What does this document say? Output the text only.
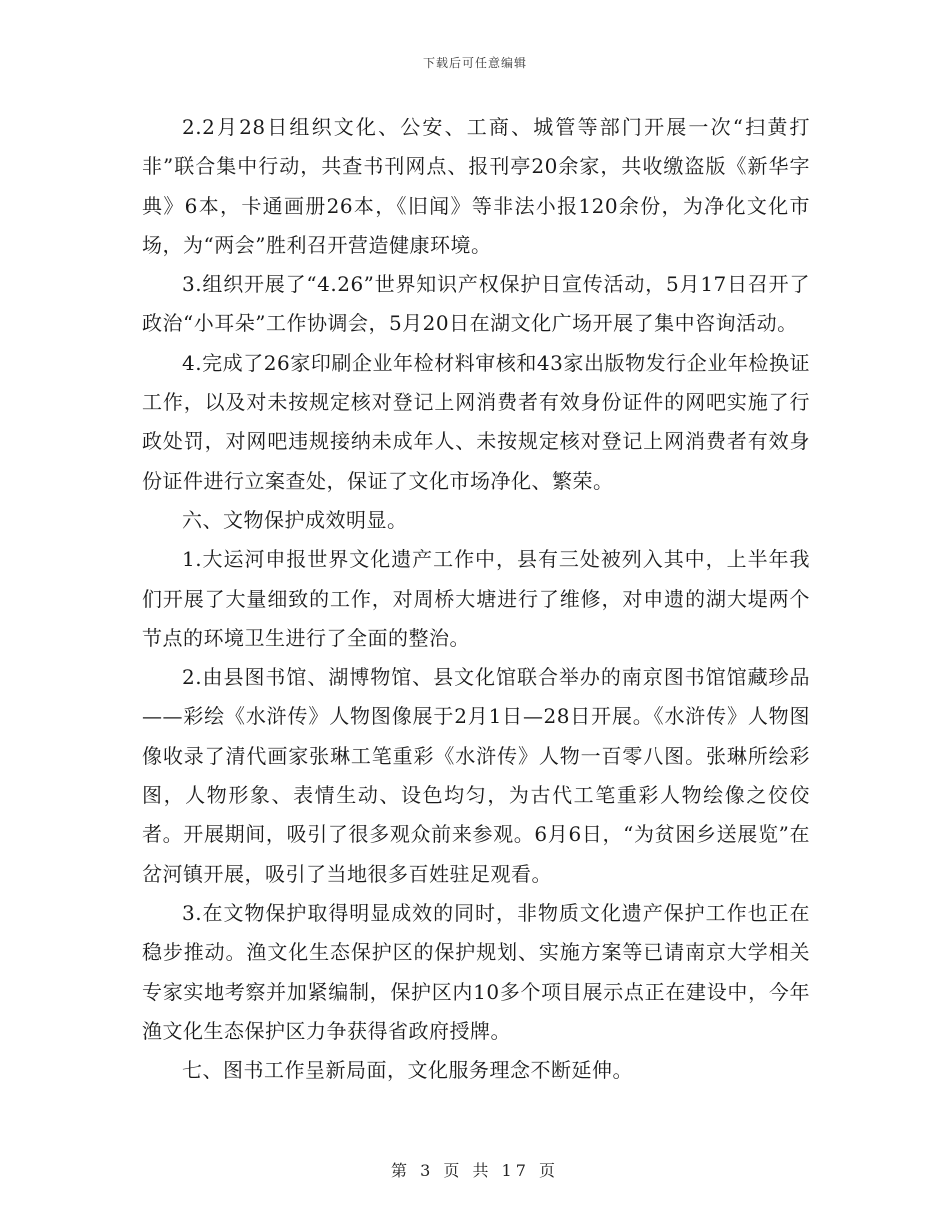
下载后可任意编辑

2.2月28日组织文化、公安、工商、城管等部门开展一次“扫黄打非”联合集中行动，共查书刊网点、报刊亭20余家，共收缴盗版《新华字典》6本，卡通画册26本，《旧闻》等非法小报120余份，为净化文化市场，为“两会”胜利召开营造健康环境。

3.组织开展了“4.26”世界知识产权保护日宣传活动，5月17日召开了政治“小耳朵”工作协调会，5月20日在湖文化广场开展了集中咨询活动。

4.完成了26家印刷企业年检材料审核和43家出版物发行企业年检换证工作，以及对未按规定核对登记上网消费者有效身份证件的网吧实施了行政处罚，对网吧违规接纳未成年人、未按规定核对登记上网消费者有效身份证件进行立案查处，保证了文化市场净化、繁荣。

六、文物保护成效明显。

1.大运河申报世界文化遗产工作中，县有三处被列入其中，上半年我们开展了大量细致的工作，对周桥大塘进行了维修，对申遗的湖大堤两个节点的环境卫生进行了全面的整治。

2.由县图书馆、湖博物馆、县文化馆联合举办的南京图书馆馆藏珍品——彩绘《水浒传》人物图像展于2月1日—28日开展。《水浒传》人物图像收录了清代画家张琳工笔重彩《水浒传》人物一百零八图。张琳所绘彩图，人物形象、表情生动、设色均匀，为古代工笔重彩人物绘像之佼佼者。开展期间，吸引了很多观众前来参观。6月6日，“为贫困乡送展览”在岔河镇开展，吸引了当地很多百姓驻足观看。

3.在文物保护取得明显成效的同时，非物质文化遗产保护工作也正在稳步推动。渔文化生态保护区的保护规划、实施方案等已请南京大学相关专家实地考察并加紧编制，保护区内10多个项目展示点正在建设中，今年渔文化生态保护区力争获得省政府授牌。

七、图书工作呈新局面，文化服务理念不断延伸。

第 3 页 共 17 页
